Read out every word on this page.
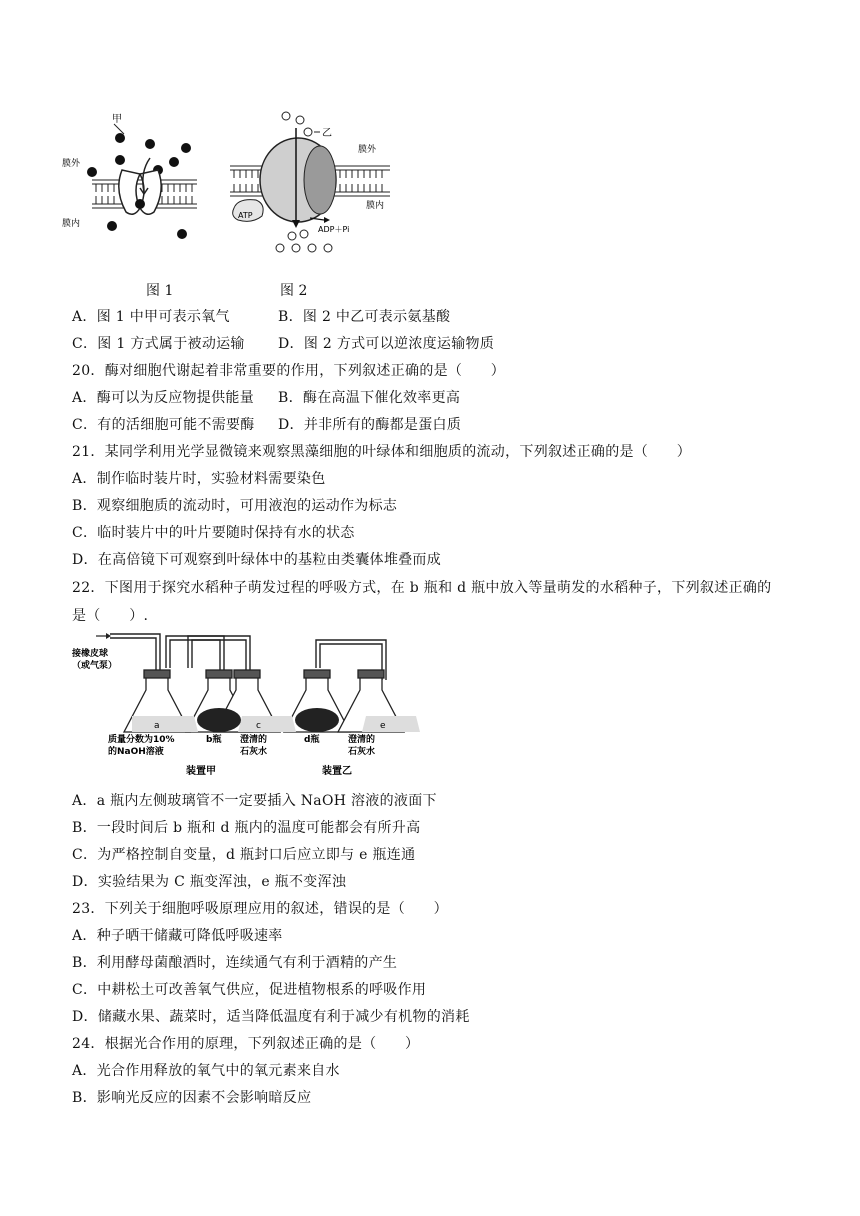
甲
膜外
膜内
乙
膜外
膜内
ATP
ADP＋Pi
图 1	图 2
A．图 1 中甲可表示氧气	B．图 2 中乙可表示氨基酸
C．图 1 方式属于被动运输 D．图 2 方式可以逆浓度运输物质
20．酶对细胞代谢起着非常重要的作用，下列叙述正确的是（　　）
A．酶可以为反应物提供能量 B．酶在高温下催化效率更高
C．有的活细胞可能不需要酶 D．并非所有的酶都是蛋白质
21．某同学利用光学显微镜来观察黑藻细胞的叶绿体和细胞质的流动，下列叙述正确的是（　　）
A．制作临时装片时，实验材料需要染色
B．观察细胞质的流动时，可用液泡的运动作为标志
C．临时装片中的叶片要随时保持有水的状态
D．在高倍镜下可观察到叶绿体中的基粒由类囊体堆叠而成
22．下图用于探究水稻种子萌发过程的呼吸方式，在 b 瓶和 d 瓶中放入等量萌发的水稻种子，下列叙述正确的
是（　　）.
a	c	e
接橡皮球
（或气泵）
质量分数为10%
的NaOH溶液
b瓶 澄清的
石灰水
d瓶	澄清的
石灰水
装置甲	装置乙
A．a 瓶内左侧玻璃管不一定要插入 NaOH 溶液的液面下
B．一段时间后 b 瓶和 d 瓶内的温度可能都会有所升高
C．为严格控制自变量，d 瓶封口后应立即与 e 瓶连通
D．实验结果为 C 瓶变浑浊，e 瓶不变浑浊
23．下列关于细胞呼吸原理应用的叙述，错误的是（　　）
A．种子晒干储藏可降低呼吸速率
B．利用酵母菌酿酒时，连续通气有利于酒精的产生
C．中耕松土可改善氧气供应，促进植物根系的呼吸作用
D．储藏水果、蔬菜时，适当降低温度有利于减少有机物的消耗
24．根据光合作用的原理，下列叙述正确的是（　　）
A．光合作用释放的氧气中的氧元素来自水
B．影响光反应的因素不会影响暗反应
